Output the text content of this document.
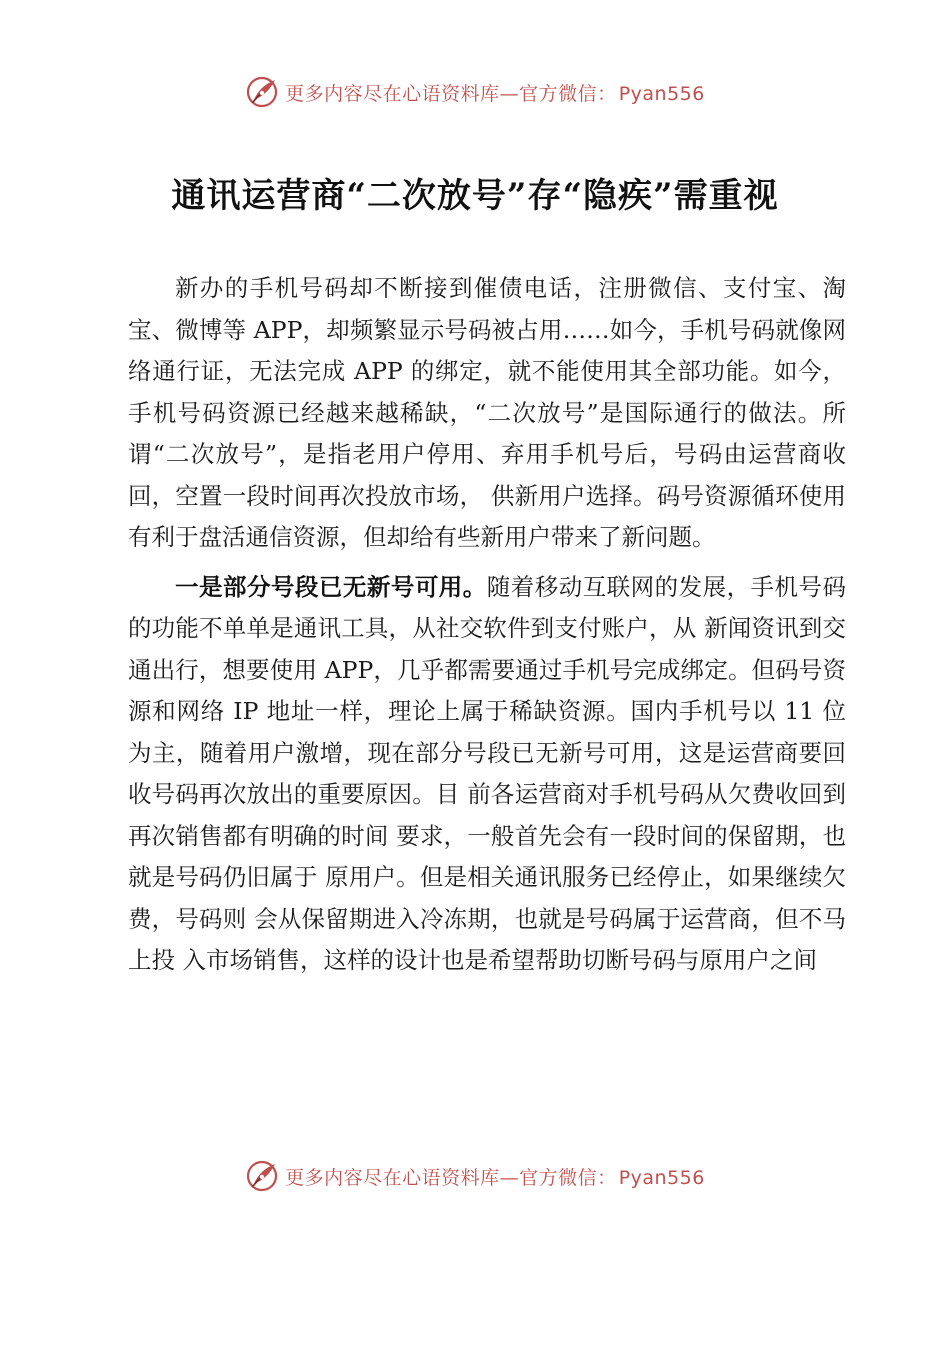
更多内容尽在心语资料库—官方微信： Pyan556
通讯运营商“二次放号”存“隐疾”需重视

新办的手机号码却不断接到催债电话，注册微信、支付宝、淘宝、微博等 APP，却频繁显示号码被占用……如今，手机号码就像网络通行证，无法完成 APP 的绑定，就不能使用其全部功能。如今，手机号码资源已经越来越稀缺，“二次放号”是国际通行的做法。所谓“二次放号”，是指老用户停用、弃用手机号后，号码由运营商收回，空置一段时间再次投放市场， 供新用户选择。码号资源循环使用有利于盘活通信资源，但却给有些新用户带来了新问题。

一是部分号段已无新号可用。随着移动互联网的发展，手机号码的功能不单单是通讯工具，从社交软件到支付账户，从 新闻资讯到交通出行，想要使用 APP，几乎都需要通过手机号完成绑定。但码号资源和网络 IP 地址一样，理论上属于稀缺资源。国内手机号以 11 位为主，随着用户激增，现在部分号段已无新号可用，这是运营商要回收号码再次放出的重要原因。目 前各运营商对手机号码从欠费收回到再次销售都有明确的时间 要求，一般首先会有一段时间的保留期，也就是号码仍旧属于 原用户。但是相关通讯服务已经停止，如果继续欠费，号码则 会从保留期进入冷冻期，也就是号码属于运营商，但不马上投 入市场销售，这样的设计也是希望帮助切断号码与原用户之间

更多内容尽在心语资料库—官方微信： Pyan556
